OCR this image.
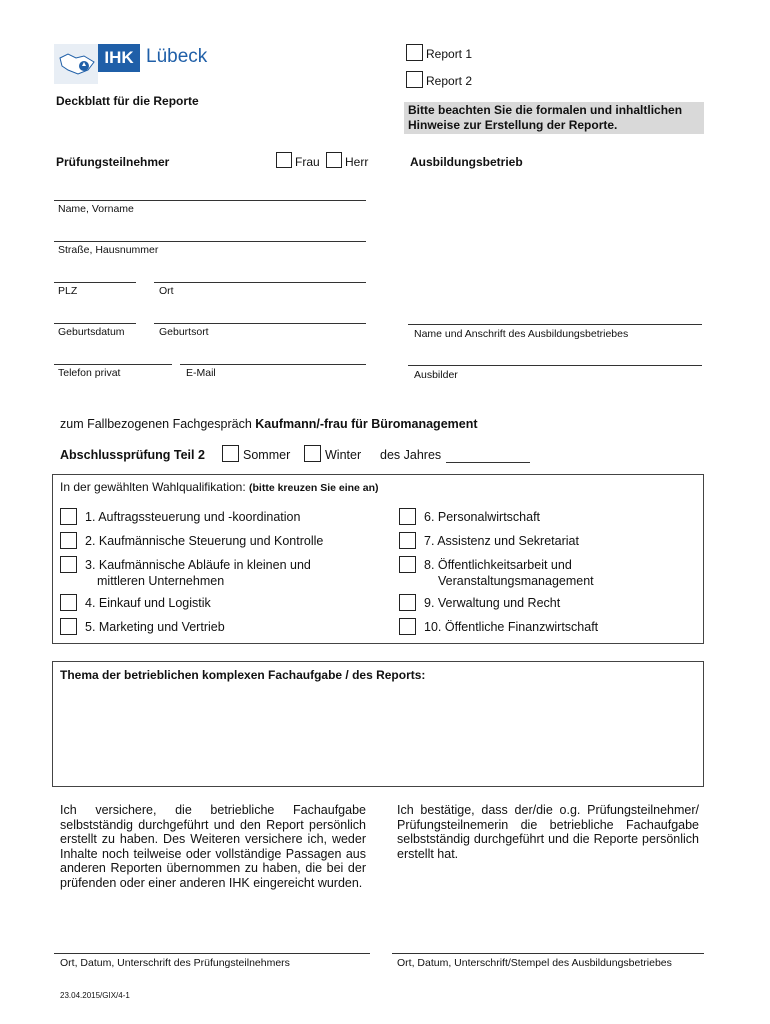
IHK Lübeck	Report 1
Report 2
Deckblatt für die Reporte
Bitte beachten Sie die formalen und inhaltlichen
Hinweise zur Erstellung der Reporte.
Prüfungsteilnehmer	Frau Herr	Ausbildungsbetrieb
Name, Vorname
Straße, Hausnummer
PLZ	Ort
Geburtsdatum	Geburtsort
Telefon privat	E-Mail
Name und Anschrift des Ausbildungsbetriebes
Ausbilder
zum Fallbezogenen Fachgespräch Kaufmann/-frau für Büromanagement
Abschlussprüfung Teil 2	Sommer	Winter des Jahres
In der gewählten Wahlqualifikation: (bitte kreuzen Sie eine an)
1. Auftragssteuerung und -koordination
2. Kaufmännische Steuerung und Kontrolle
3. Kaufmännische Abläufe in kleinen und
mittleren Unternehmen
4. Einkauf und Logistik
5. Marketing und Vertrieb
6. Personalwirtschaft
7. Assistenz und Sekretariat
8. Öffentlichkeitsarbeit und
Veranstaltungsmanagement
9. Verwaltung und Recht
10. Öffentliche Finanzwirtschaft
Thema der betrieblichen komplexen Fachaufgabe / des Reports:
Ich versichere, die betriebliche Fachaufgabe selbstständig durchgeführt und den Report persönlich erstellt zu haben. Des Weiteren versichere ich, weder Inhalte noch teilweise oder vollständige Passagen aus anderen Reporten übernommen zu haben, die bei der prüfenden oder einer anderen IHK eingereicht wurden.
Ich bestätige, dass der/die o.g. Prüfungsteilnehmer/ Prüfungsteilnemerin die betriebliche Fachaufgabe selbstständig durchgeführt und die Reporte persönlich erstellt hat.
Ort, Datum, Unterschrift des Prüfungsteilnehmers	Ort, Datum, Unterschrift/Stempel des Ausbildungsbetriebes
23.04.2015/GIX/4-1
